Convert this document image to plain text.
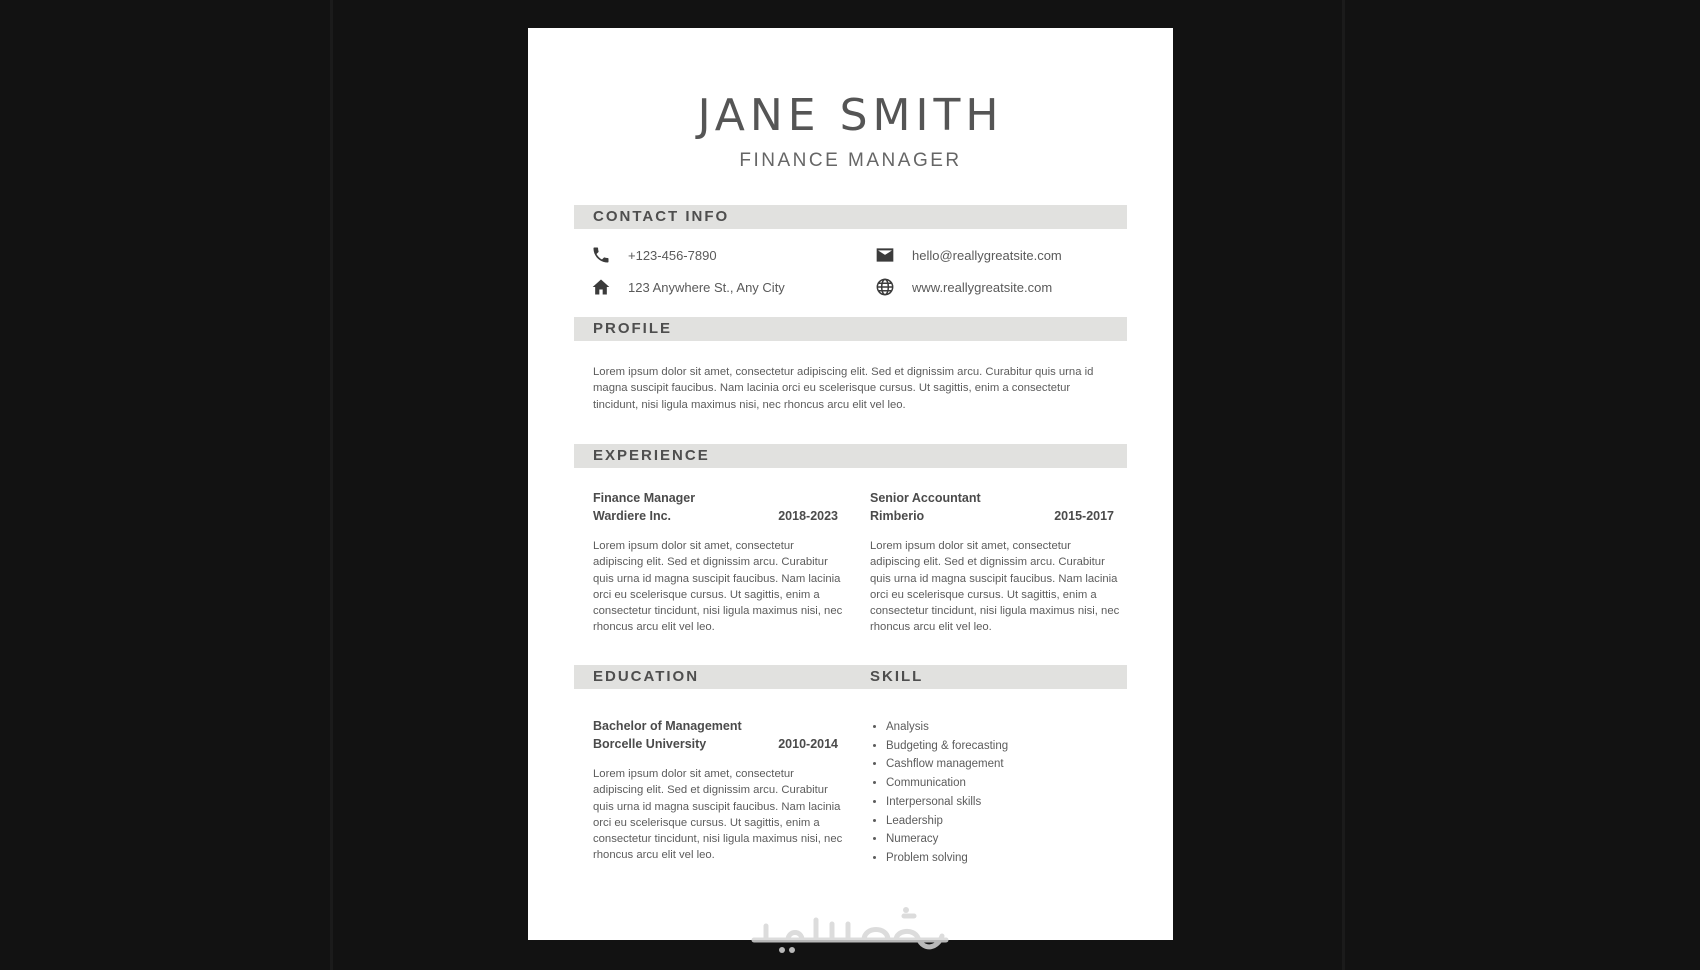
JANE SMITH
FINANCE MANAGER
CONTACT INFO
+123-456-7890	hello@reallygreatsite.com
123 Anywhere St., Any City	www.reallygreatsite.com
PROFILE
Lorem ipsum dolor sit amet, consectetur adipiscing elit. Sed et dignissim arcu. Curabitur quis urna id magna suscipit faucibus. Nam lacinia orci eu scelerisque cursus. Ut sagittis, enim a consectetur tincidunt, nisi ligula maximus nisi, nec rhoncus arcu elit vel leo.
EXPERIENCE
Finance Manager
Wardiere Inc.	2018-2023
Lorem ipsum dolor sit amet, consectetur adipiscing elit. Sed et dignissim arcu. Curabitur quis urna id magna suscipit faucibus. Nam lacinia orci eu scelerisque cursus. Ut sagittis, enim a consectetur tincidunt, nisi ligula maximus nisi, nec rhoncus arcu elit vel leo.
Senior Accountant
Rimberio	2015-2017
Lorem ipsum dolor sit amet, consectetur adipiscing elit. Sed et dignissim arcu. Curabitur quis urna id magna suscipit faucibus. Nam lacinia orci eu scelerisque cursus. Ut sagittis, enim a consectetur tincidunt, nisi ligula maximus nisi, nec rhoncus arcu elit vel leo.
EDUCATION	SKILL
Bachelor of Management
Borcelle University	2010-2014
Lorem ipsum dolor sit amet, consectetur adipiscing elit. Sed et dignissim arcu. Curabitur quis urna id magna suscipit faucibus. Nam lacinia orci eu scelerisque cursus. Ut sagittis, enim a consectetur tincidunt, nisi ligula maximus nisi, nec rhoncus arcu elit vel leo.
• Analysis
• Budgeting & forecasting
• Cashflow management
• Communication
• Interpersonal skills
• Leadership
• Numeracy
• Problem solving
